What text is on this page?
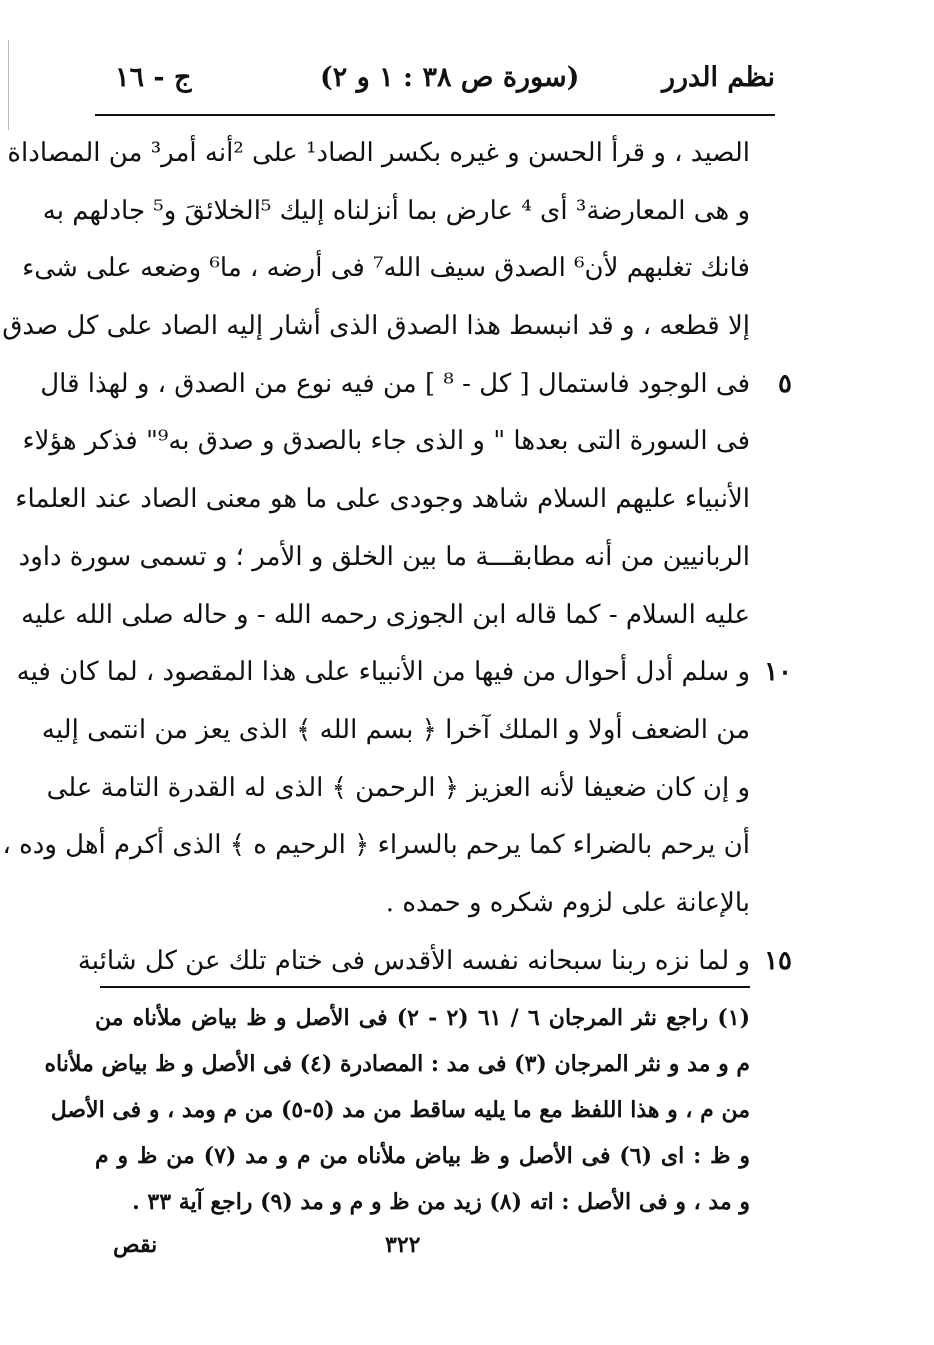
نظم الدرر
(سورة ص ٣٨ : ١ و ٢)
ج - ١٦
الصيد ، و قرأ الحسن و غيره بكسر الصاد¹ على ²أنه أمر³ من المصاداة
و هى المعارضة³ أى ⁴ عارض بما أنزلناه إليك ⁵الخلائقَ و⁵ جادلهم به
فانك تغلبهم لأن⁶ الصدق سيف الله⁷ فى أرضه ، ما⁶ وضعه على شىء
إلا قطعه ، و قد انبسط هذا الصدق الذى أشار إليه الصاد على كل صدق
٥
فى الوجود فاستمال [ كل - ⁸ ] من فيه نوع من الصدق ، و لهذا قال
فى السورة التى بعدها " و الذى جاء بالصدق و صدق به⁹" فذكر هؤلاء
الأنبياء عليهم السلام شاهد وجودى على ما هو معنى الصاد عند العلماء
الربانيين من أنه مطابقـــة ما بين الخلق و الأمر ؛ و تسمى سورة داود
عليه السلام - كما قاله ابن الجوزى رحمه الله - و حاله صلى الله عليه
١٠
و سلم أدل أحوال من فيها من الأنبياء على هذا المقصود ، لما كان فيه
من الضعف أولا و الملك آخرا ﴿ بسم الله ﴾ الذى يعز من انتمى إليه
و إن كان ضعيفا لأنه العزيز ﴿ الرحمن ﴾ الذى له القدرة التامة على
أن يرحم بالضراء كما يرحم بالسراء ﴿ الرحيم ه ﴾ الذى أكرم أهل وده ،
بالإعانة على لزوم شكره و حمده .
١٥
و لما نزه ربنا سبحانه نفسه الأقدس فى ختام تلك عن كل شائبة
(١) راجع نثر المرجان ٦ / ٦١ (٢ - ٢) فى الأصل و ظ بياض ملأناه من
م و مد و نثر المرجان (٣) فى مد : المصادرة (٤) فى الأصل و ظ بياض ملأناه
من م ، و هذا اللفظ مع ما يليه ساقط من مد (٥-٥) من م ومد ، و فى الأصل
و ظ : اى (٦) فى الأصل و ظ بياض ملأناه من م و مد (٧) من ظ و م
و مد ، و فى الأصل : اته (٨) زيد من ظ و م و مد (٩) راجع آية ٣٣ .
٣٢٢
نقص
